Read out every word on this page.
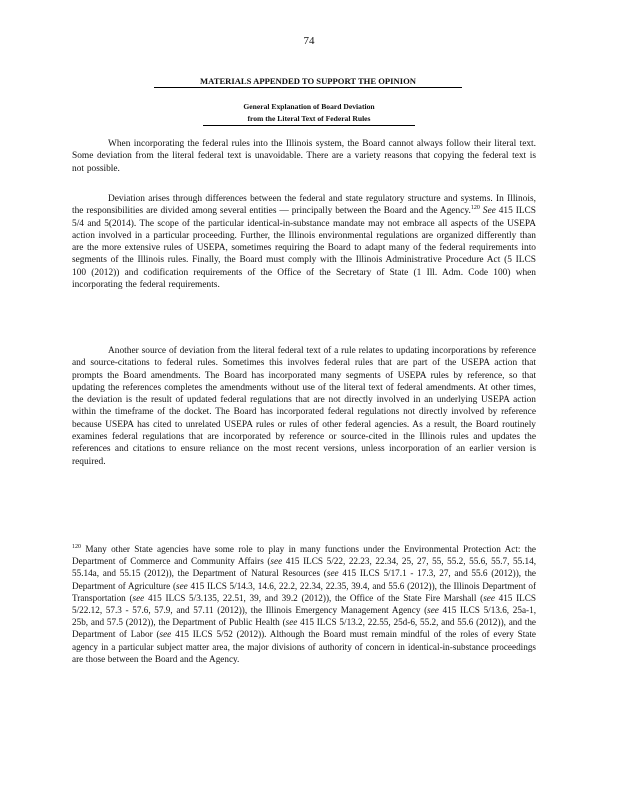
74
MATERIALS APPENDED TO SUPPORT THE OPINION
General Explanation of Board Deviation
from the Literal Text of Federal Rules

When incorporating the federal rules into the Illinois system, the Board cannot always follow their literal text. Some deviation from the literal federal text is unavoidable. There are a variety reasons that copying the federal text is not possible.

Deviation arises through differences between the federal and state regulatory structure and systems. In Illinois, the responsibilities are divided among several entities — principally between the Board and the Agency.$^{120}$ See 415 ILCS 5/4 and 5(2014). The scope of the particular identical-in-substance mandate may not embrace all aspects of the USEPA action involved in a particular proceeding. Further, the Illinois environmental regulations are organized differently than are the more extensive rules of USEPA, sometimes requiring the Board to adapt many of the federal requirements into segments of the Illinois rules. Finally, the Board must comply with the Illinois Administrative Procedure Act (5 ILCS 100 (2012)) and codification requirements of the Office of the Secretary of State (1 Ill. Adm. Code 100) when incorporating the federal requirements.

Another source of deviation from the literal federal text of a rule relates to updating incorporations by reference and source-citations to federal rules. Sometimes this involves federal rules that are part of the USEPA action that prompts the Board amendments. The Board has incorporated many segments of USEPA rules by reference, so that updating the references completes the amendments without use of the literal text of federal amendments. At other times, the deviation is the result of updated federal regulations that are not directly involved in an underlying USEPA action within the timeframe of the docket. The Board has incorporated federal regulations not directly involved by reference because USEPA has cited to unrelated USEPA rules or rules of other federal agencies. As a result, the Board routinely examines federal regulations that are incorporated by reference or source-cited in the Illinois rules and updates the references and citations to ensure reliance on the most recent versions, unless incorporation of an earlier version is required.

$^{120}$ Many other State agencies have some role to play in many functions under the Environmental Protection Act: the Department of Commerce and Community Affairs (see 415 ILCS 5/22, 22.23, 22.34, 25, 27, 55, 55.2, 55.6, 55.7, 55.14, 55.14a, and 55.15 (2012)), the Department of Natural Resources (see 415 ILCS 5/17.1 - 17.3, 27, and 55.6 (2012)), the Department of Agriculture (see 415 ILCS 5/14.3, 14.6, 22.2, 22.34, 22.35, 39.4, and 55.6 (2012)), the Illinois Department of Transportation (see 415 ILCS 5/3.135, 22.51, 39, and 39.2 (2012)), the Office of the State Fire Marshall (see 415 ILCS 5/22.12, 57.3 - 57.6, 57.9, and 57.11 (2012)), the Illinois Emergency Management Agency (see 415 ILCS 5/13.6, 25a-1, 25b, and 57.5 (2012)), the Department of Public Health (see 415 ILCS 5/13.2, 22.55, 25d-6, 55.2, and 55.6 (2012)), and the Department of Labor (see 415 ILCS 5/52 (2012)). Although the Board must remain mindful of the roles of every State agency in a particular subject matter area, the major divisions of authority of concern in identical-in-substance proceedings are those between the Board and the Agency.
